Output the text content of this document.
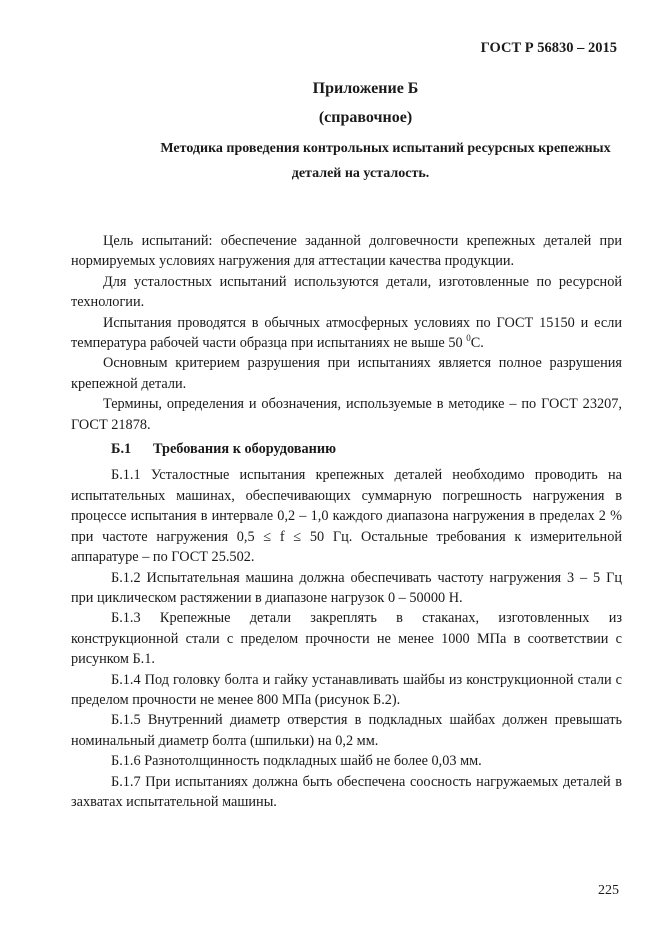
ГОСТ Р 56830 – 2015
Приложение Б
(справочное)
Методика проведения контрольных испытаний ресурсных крепежных
деталей на усталость.

Цель испытаний: обеспечение заданной долговечности крепежных деталей при нормируемых условиях нагружения для аттестации качества продукции.

Для усталостных испытаний используются детали, изготовленные по ресурсной технологии.

Испытания проводятся в обычных атмосферных условиях по ГОСТ 15150 и если температура рабочей части образца при испытаниях не выше 50 $^0$С.

Основным критерием разрушения при испытаниях является полное разрушения крепежной детали.

Термины, определения и обозначения, используемые в методике – по ГОСТ 23207, ГОСТ 21878.

Б.1 Требования к оборудованию

Б.1.1 Усталостные испытания крепежных деталей необходимо проводить на испытательных машинах, обеспечивающих суммарную погрешность нагружения в процессе испытания в интервале 0,2 – 1,0 каждого диапазона нагружения в пределах 2 % при частоте нагружения 0,5 ≤ f ≤ 50 Гц. Остальные требования к измерительной аппаратуре – по ГОСТ 25.502.

Б.1.2 Испытательная машина должна обеспечивать частоту нагружения 3 – 5 Гц при циклическом растяжении в диапазоне нагрузок 0 – 50000 Н.

Б.1.3 Крепежные детали закреплять в стаканах, изготовленных из конструкционной стали с пределом прочности не менее 1000 МПа в соответствии с рисунком Б.1.

Б.1.4 Под головку болта и гайку устанавливать шайбы из конструкционной стали с пределом прочности не менее 800 МПа (рисунок Б.2).

Б.1.5 Внутренний диаметр отверстия в подкладных шайбах должен превышать номинальный диаметр болта (шпильки) на 0,2 мм.

Б.1.6 Разнотолщинность подкладных шайб не более 0,03 мм.

Б.1.7 При испытаниях должна быть обеспечена соосность нагружаемых деталей в захватах испытательной машины.

225
